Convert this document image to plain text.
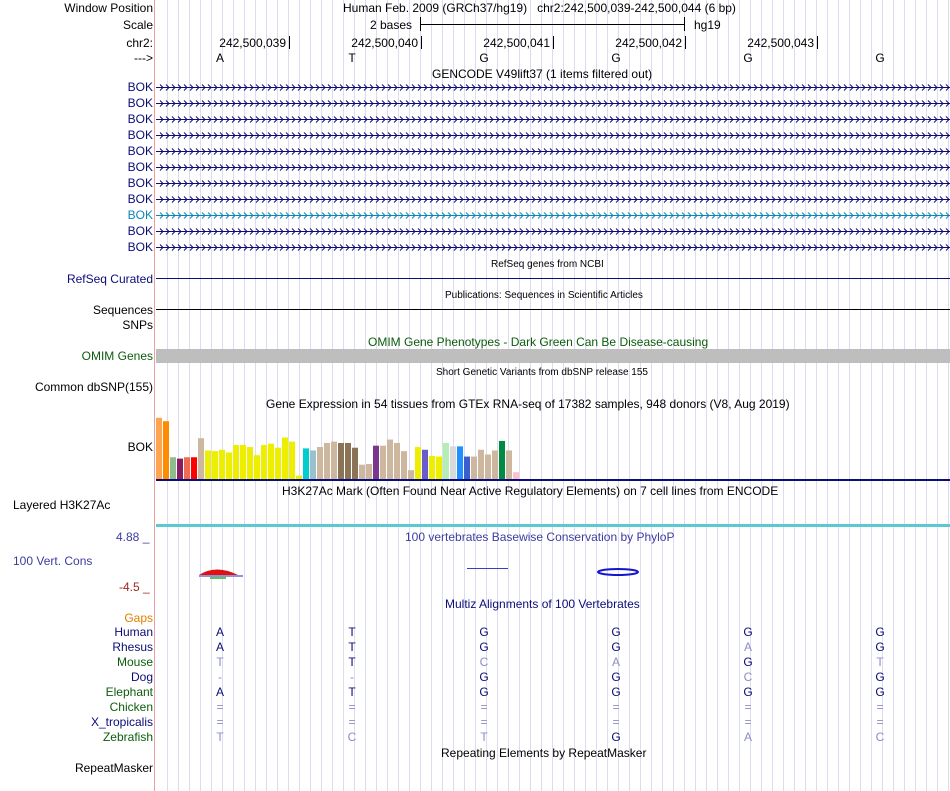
Window Position	Human Feb. 2009 (GRCh37/hg19)   chr2:242,500,039-242,500,044 (6 bp)
Scale	2 bases	hg19
chr2:	242,500,039	242,500,040	242,500,041	242,500,042	242,500,043
--->	A	T	G	G	G	G
GENCODE V49lift37 (1 items filtered out)
BOK
BOK
BOK
BOK
BOK
BOK
BOK
BOK
BOK
BOK
BOK
RefSeq genes from NCBI
RefSeq Curated
Publications: Sequences in Scientific Articles
Sequences
SNPs
OMIM Gene Phenotypes - Dark Green Can Be Disease-causing
OMIM Genes
Short Genetic Variants from dbSNP release 155
Common dbSNP(155)
Gene Expression in 54 tissues from GTEx RNA-seq of 17382 samples, 948 donors (V8, Aug 2019)
BOK
H3K27Ac Mark (Often Found Near Active Regulatory Elements) on 7 cell lines from ENCODE
Layered H3K27Ac
4.88 _	100 vertebrates Basewise Conservation by PhyloP
100 Vert. Cons
-4.5 _
Multiz Alignments of 100 Vertebrates
Gaps
Human	A	T	G	G	G	G
Rhesus	A	T	G	G	A	G
Mouse	T	T	C	A	G	T
Dog	-	-	G	G	C	G
Elephant	A	T	G	G	G	G
Chicken	=	=	=	=	=	=
X_tropicalis	=	=	=	=	=	=
Zebrafish	T	C	T	G	A	C
Repeating Elements by RepeatMasker
RepeatMasker
